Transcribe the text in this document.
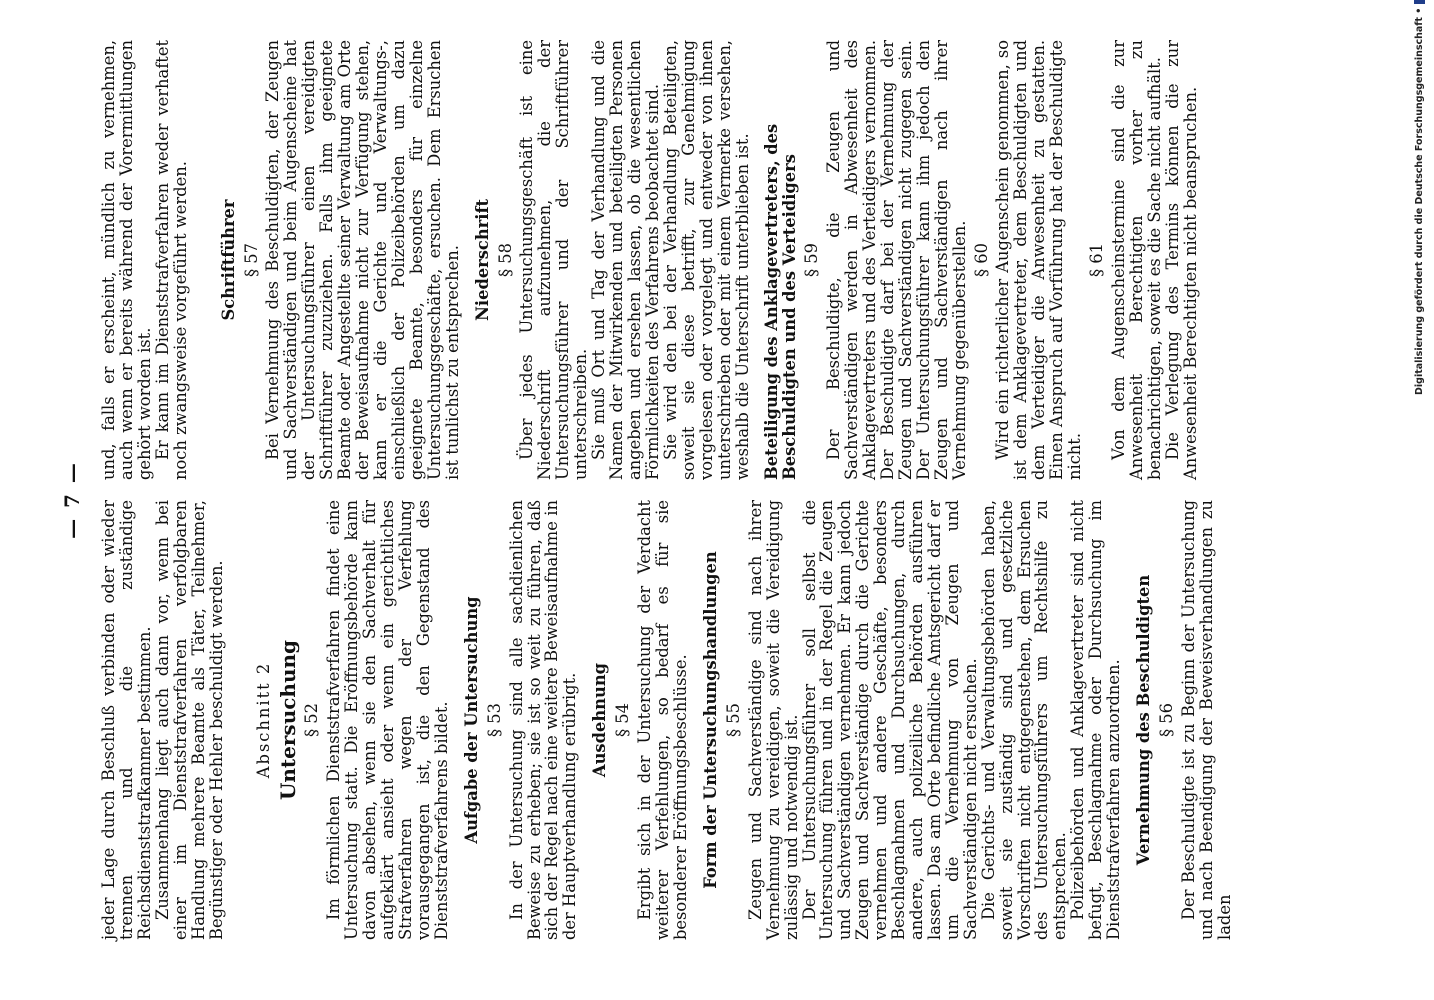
— 7 — jeder Lage durch Beschluß verbinden oder wieder trennen und die zuständige Reichsdienststrafkammer bestimmen.

Zusammenhang liegt auch dann vor, wenn bei einer im Dienststrafverfahren verfolgbaren Handlung mehrere Beamte als Täter, Teilnehmer, Begünstiger oder Hehler beschuldigt werden. Abschnitt 2 Untersuchung § 52 Im förmlichen Dienststrafverfahren findet eine Untersuchung statt. Die Eröffnungsbehörde kann davon absehen, wenn sie den Sachverhalt für aufgeklärt ansieht oder wenn ein gerichtliches Strafverfahren wegen der Verfehlung vorausgegangen ist, die den Gegenstand des Dienststrafverfahrens bildet. Aufgabe der Untersuchung § 53 In der Untersuchung sind alle sachdienlichen Beweise zu erheben; sie ist so weit zu führen, daß sich der Regel nach eine weitere Beweisaufnahme in der Hauptverhandlung erübrigt. Ausdehnung § 54 Ergibt sich in der Untersuchung der Verdacht weiterer Verfehlungen, so bedarf es für sie besonderer Eröffnungsbeschlüsse. Form der Untersuchungshandlungen § 55 Zeugen und Sachverständige sind nach ihrer Vernehmung zu vereidigen, soweit die Vereidigung zulässig und notwendig ist.

Der Untersuchungsführer soll selbst die Untersuchung führen und in der Regel die Zeugen und Sachverständigen vernehmen. Er kann jedoch Zeugen und Sachverständige durch die Gerichte vernehmen und andere Geschäfte, besonders Beschlagnahmen und Durchsuchungen, durch andere, auch polizeiliche Behörden ausführen lassen. Das am Orte befindliche Amtsgericht darf er um die Vernehmung von Zeugen und Sachverständigen nicht ersuchen.

Die Gerichts- und Verwaltungsbehörden haben, soweit sie zuständig sind und gesetzliche Vorschriften nicht entgegenstehen, dem Ersuchen des Untersuchungsführers um Rechtshilfe zu entsprechen.

Polizeibehörden und Anklagevertreter sind nicht befugt, Beschlagnahme oder Durchsuchung im Dienststrafverfahren anzuordnen. Vernehmung des Beschuldigten § 56 Der Beschuldigte ist zu Beginn der Untersuchung und nach Beendigung der Beweisverhandlungen zu laden

und, falls er erscheint, mündlich zu vernehmen, auch wenn er bereits während der Vorermittlungen gehört worden ist.

Er kann im Dienststrafverfahren weder verhaftet noch zwangsweise vorgeführt werden. Schriftführer § 57 Bei Vernehmung des Beschuldigten, der Zeugen und Sachverständigen und beim Augenscheine hat der Untersuchungsführer einen vereidigten Schriftführer zuzuziehen. Falls ihm geeignete Beamte oder Angestellte seiner Verwaltung am Orte der Beweisaufnahme nicht zur Verfügung stehen, kann er die Gerichte und Verwaltungs-, einschließlich der Polizeibehörden um dazu geeignete Beamte, besonders für einzelne Untersuchungsgeschäfte, ersuchen. Dem Ersuchen ist tunlichst zu entsprechen. Niederschrift § 58 Über jedes Untersuchungsgeschäft ist eine Niederschrift aufzunehmen, die der Untersuchungsführer und der Schriftführer unterschreiben.

Sie muß Ort und Tag der Verhandlung und die Namen der Mitwirkenden und beteiligten Personen angeben und ersehen lassen, ob die wesentlichen Förmlichkeiten des Verfahrens beobachtet sind.

Sie wird den bei der Verhandlung Beteiligten, soweit sie diese betrifft, zur Genehmigung vorgelesen oder vorgelegt und entweder von ihnen unterschrieben oder mit einem Vermerke versehen, weshalb die Unterschrift unterblieben ist. Beteiligung des Anklagevertreters, des Beschuldigten und des Verteidigers § 59 Der Beschuldigte, die Zeugen und Sachverständigen werden in Abwesenheit des Anklagevertreters und des Verteidigers vernommen. Der Beschuldigte darf bei der Vernehmung der Zeugen und Sachverständigen nicht zugegen sein. Der Untersuchungsführer kann ihm jedoch den Zeugen und Sachverständigen nach ihrer Vernehmung gegenüberstellen. § 60 Wird ein richterlicher Augenschein genommen, so ist dem Anklagevertreter, dem Beschuldigten und dem Verteidiger die Anwesenheit zu gestatten. Einen Anspruch auf Vorführung hat der Beschuldigte nicht.

§ 61 Von dem Augenscheinstermine sind die zur Anwesenheit Berechtigten vorher zu benachrichtigen, soweit es die Sache nicht aufhält.

Die Verlegung des Termins können die zur Anwesenheit Berechtigten nicht beanspruchen.	Digitalisierung gefördert durch die Deutsche Forschungsgemeinschaft •
